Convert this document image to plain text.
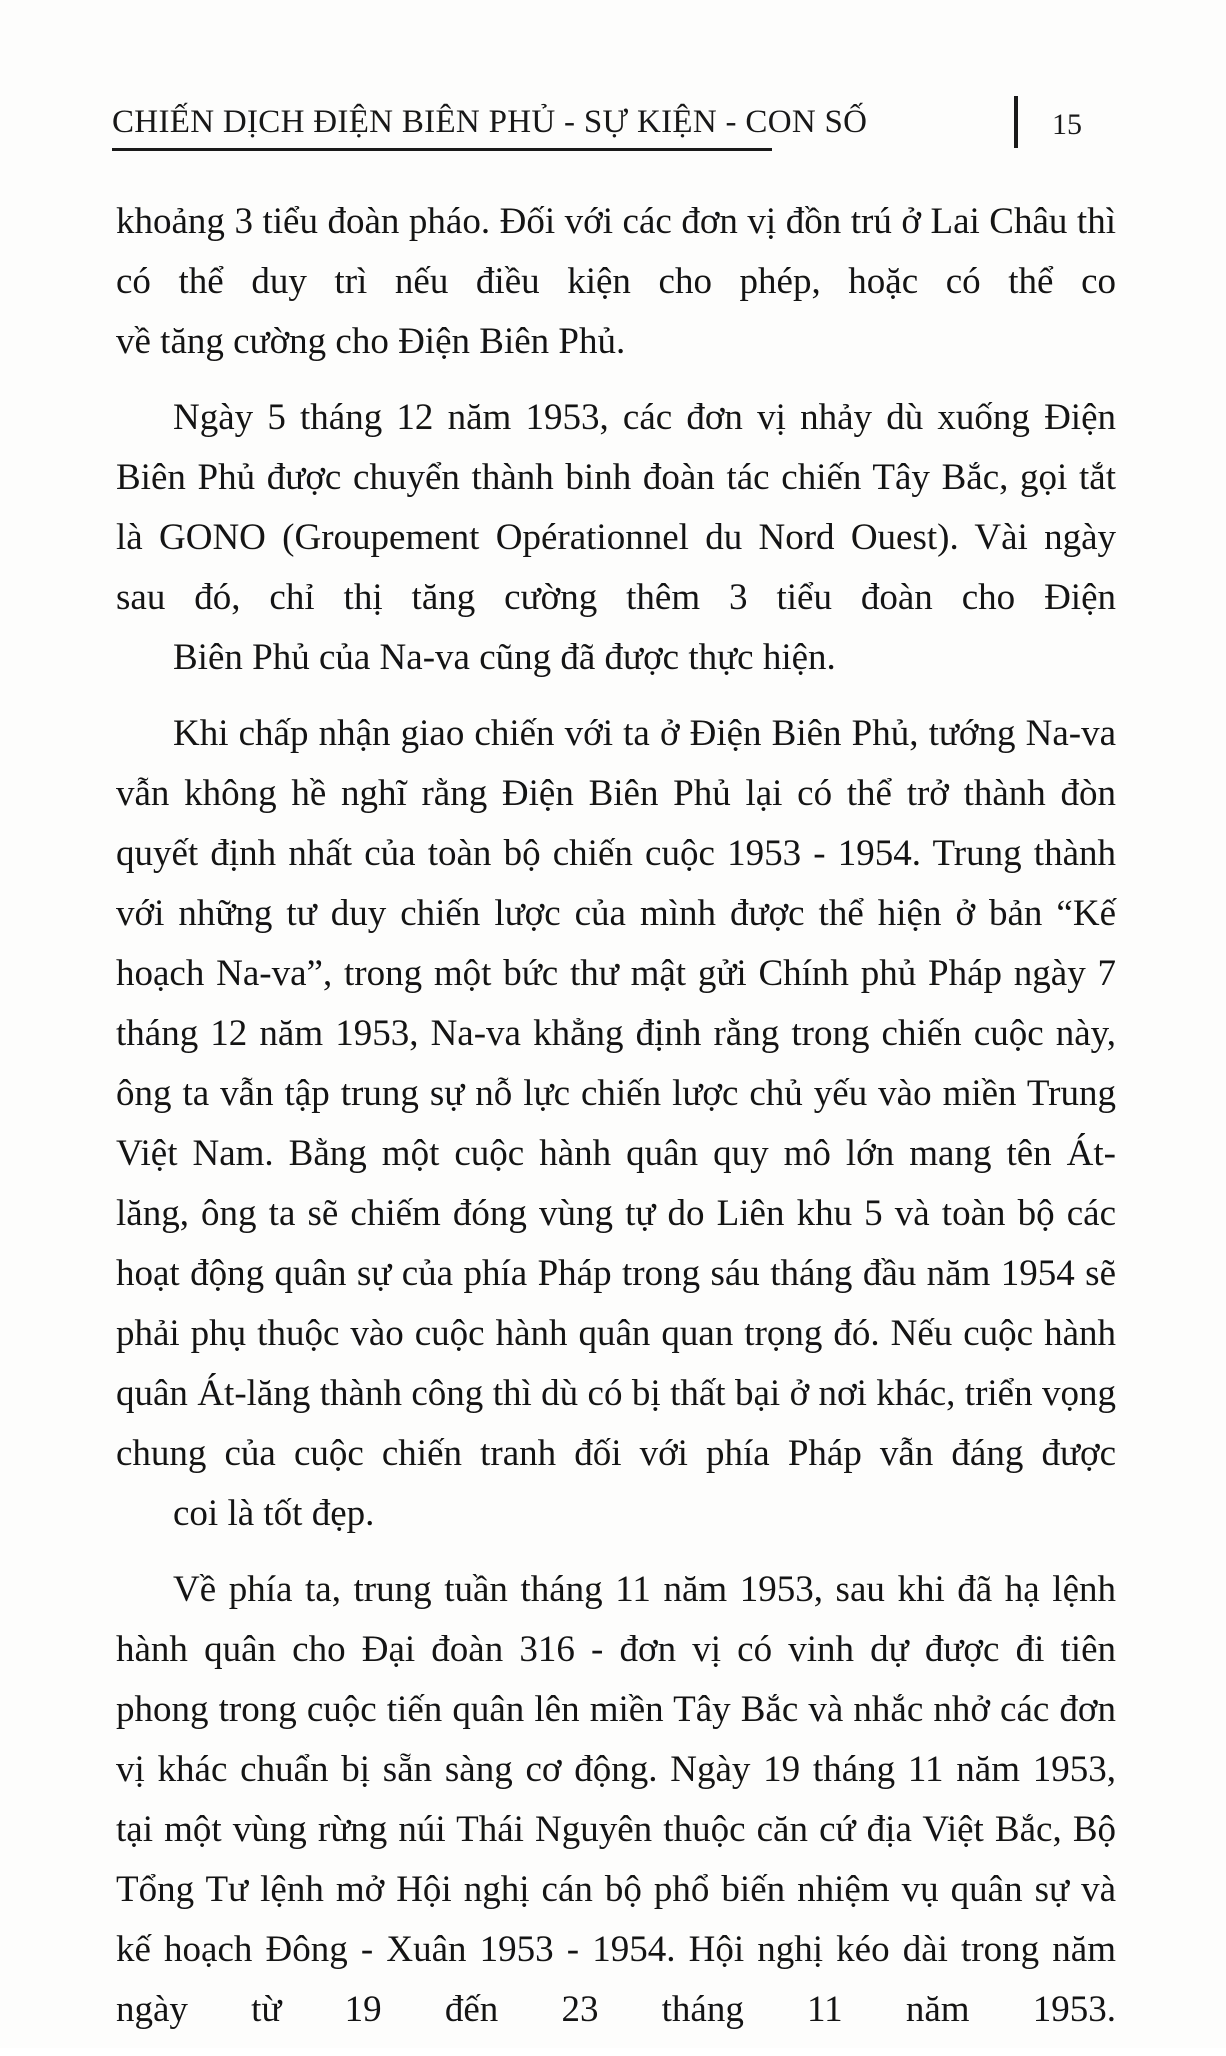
CHIẾN DỊCH ĐIỆN BIÊN PHỦ - SỰ KIỆN - CON SỐ	15

khoảng 3 tiểu đoàn pháo. Đối với các đơn vị đồn trú ở Lai Châu thì có thể duy trì nếu điều kiện cho phép, hoặc có thể co
về tăng cường cho Điện Biên Phủ.

Ngày 5 tháng 12 năm 1953, các đơn vị nhảy dù xuống Điện Biên Phủ được chuyển thành binh đoàn tác chiến Tây Bắc, gọi tắt là GONO (Groupement Opérationnel du Nord Ouest). Vài ngày sau đó, chỉ thị tăng cường thêm 3 tiểu đoàn cho Điện
Biên Phủ của Na-va cũng đã được thực hiện.

Khi chấp nhận giao chiến với ta ở Điện Biên Phủ, tướng Na-va vẫn không hề nghĩ rằng Điện Biên Phủ lại có thể trở thành đòn quyết định nhất của toàn bộ chiến cuộc 1953 - 1954. Trung thành với những tư duy chiến lược của mình được thể hiện ở bản “Kế hoạch Na-va”, trong một bức thư mật gửi Chính phủ Pháp ngày 7 tháng 12 năm 1953, Na-va khẳng định rằng trong chiến cuộc này, ông ta vẫn tập trung sự nỗ lực chiến lược chủ yếu vào miền Trung Việt Nam. Bằng một cuộc hành quân quy mô lớn mang tên Át-lăng, ông ta sẽ chiếm đóng vùng tự do Liên khu 5 và toàn bộ các hoạt động quân sự của phía Pháp trong sáu tháng đầu năm 1954 sẽ phải phụ thuộc vào cuộc hành quân quan trọng đó. Nếu cuộc hành quân Át-lăng thành công thì dù có bị thất bại ở nơi khác, triển vọng chung của cuộc chiến tranh đối với phía Pháp vẫn đáng được
coi là tốt đẹp.

Về phía ta, trung tuần tháng 11 năm 1953, sau khi đã hạ lệnh hành quân cho Đại đoàn 316 - đơn vị có vinh dự được đi tiên phong trong cuộc tiến quân lên miền Tây Bắc và nhắc nhở các đơn vị khác chuẩn bị sẵn sàng cơ động. Ngày 19 tháng 11 năm 1953, tại một vùng rừng núi Thái Nguyên thuộc căn cứ địa Việt Bắc, Bộ Tổng Tư lệnh mở Hội nghị cán bộ phổ biến nhiệm vụ quân sự và kế hoạch Đông - Xuân 1953 - 1954. Hội nghị kéo dài trong năm ngày từ 19 đến 23 tháng 11 năm 1953.
